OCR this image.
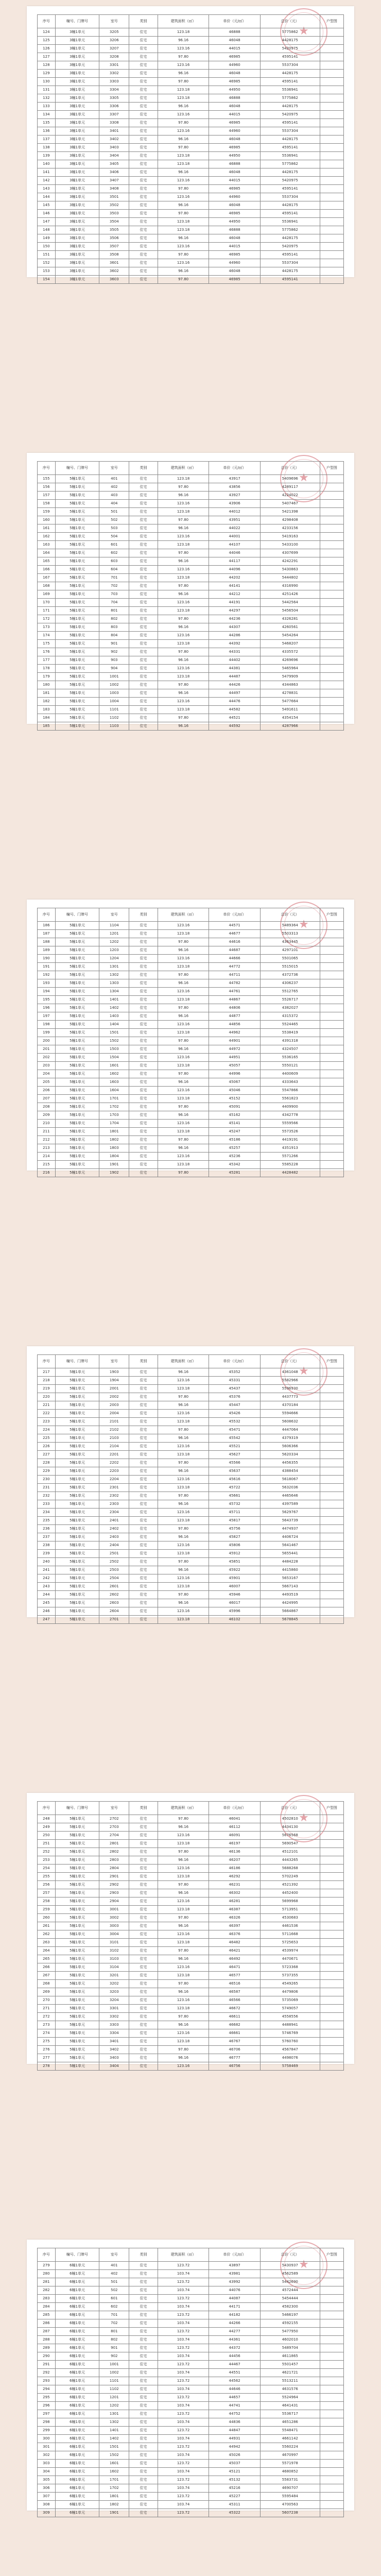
★
序号	幢号、门牌号	室号	类别	建筑面积（㎡）	单价（元/㎡）	总价（元）	户型图
124	3幢1单元	3205	住宅	123.18	46888	5775862	
125	3幢1单元	3206	住宅	96.16	46048	4428175	
126	3幢1单元	3207	住宅	123.16	44015	5420975	
127	3幢1单元	3208	住宅	97.80	46985	4595141	
128	3幢1单元	3301	住宅	123.16	44960	5537304	
129	3幢1单元	3302	住宅	96.16	46048	4428175	
130	3幢1单元	3303	住宅	97.80	46985	4595141	
131	3幢1单元	3304	住宅	123.18	44950	5536941	
132	3幢1单元	3305	住宅	123.18	46888	5775862	
133	3幢1单元	3306	住宅	96.16	46048	4428175	
134	3幢1单元	3307	住宅	123.16	44015	5420975	
135	3幢1单元	3308	住宅	97.80	46985	4595141	
136	3幢1单元	3401	住宅	123.16	44960	5537304	
137	3幢1单元	3402	住宅	96.16	46048	4428175	
138	3幢1单元	3403	住宅	97.80	46985	4595141	
139	3幢1单元	3404	住宅	123.18	44950	5536941	
140	3幢1单元	3405	住宅	123.18	46888	5775862	
141	3幢1单元	3406	住宅	96.16	46048	4428175	
142	3幢1单元	3407	住宅	123.16	44015	5420975	
143	3幢1单元	3408	住宅	97.80	46985	4595141	
144	3幢1单元	3501	住宅	123.16	44960	5537304	
145	3幢1单元	3502	住宅	96.16	46048	4428175	
146	3幢1单元	3503	住宅	97.80	46985	4595141	
147	3幢1单元	3504	住宅	123.18	44950	5536941	
148	3幢1单元	3505	住宅	123.18	46888	5775862	
149	3幢1单元	3506	住宅	96.16	46048	4428175	
150	3幢1单元	3507	住宅	123.16	44015	5420975	
151	3幢1单元	3508	住宅	97.80	46985	4595141	
152	3幢1单元	3601	住宅	123.16	44960	5537304	
153	3幢1单元	3602	住宅	96.16	46048	4428175	
154	3幢1单元	3603	住宅	97.80	46985	4595141	
★
序号	幢号、门牌号	室号	类别	建筑面积（㎡）	单价（元/㎡）	总价（元）	户型图
155	5幢1单元	401	住宅	123.18	43917	5409696	
156	5幢1单元	402	住宅	97.80	43856	4289117	
157	5幢1单元	403	住宅	96.16	43927	4224022	
158	5幢1单元	404	住宅	123.16	43906	5407467	
159	5幢1单元	501	住宅	123.18	44012	5421398	
160	5幢1单元	502	住宅	97.80	43951	4298408	
161	5幢1单元	503	住宅	96.16	44022	4233156	
162	5幢1单元	504	住宅	123.16	44001	5419163	
163	5幢1单元	601	住宅	123.18	44107	5433100	
164	5幢1单元	602	住宅	97.80	44046	4307699	
165	5幢1单元	603	住宅	96.16	44117	4242291	
166	5幢1单元	604	住宅	123.16	44096	5430863	
167	5幢1单元	701	住宅	123.18	44202	5444802	
168	5幢1单元	702	住宅	97.80	44141	4316990	
169	5幢1单元	703	住宅	96.16	44212	4251426	
170	5幢1单元	704	住宅	123.16	44191	5442564	
171	5幢1单元	801	住宅	123.18	44297	5456504	
172	5幢1单元	802	住宅	97.80	44236	4326281	
173	5幢1单元	803	住宅	96.16	44307	4260561	
174	5幢1单元	804	住宅	123.16	44286	5454264	
175	5幢1单元	901	住宅	123.18	44392	5468207	
176	5幢1单元	902	住宅	97.80	44331	4335572	
177	5幢1单元	903	住宅	96.16	44402	4269696	
178	5幢1单元	904	住宅	123.16	44381	5465964	
179	5幢1单元	1001	住宅	123.18	44487	5479909	
180	5幢1单元	1002	住宅	97.80	44426	4344863	
181	5幢1单元	1003	住宅	96.16	44497	4278831	
182	5幢1单元	1004	住宅	123.16	44476	5477664	
183	5幢1单元	1101	住宅	123.18	44582	5491611	
184	5幢1单元	1102	住宅	97.80	44521	4354154	
185	5幢1单元	1103	住宅	96.16	44592	4287966	
★
序号	幢号、门牌号	室号	类别	建筑面积（㎡）	单价（元/㎡）	总价（元）	户型图
186	5幢1单元	1104	住宅	123.16	44571	5489364	
187	5幢1单元	1201	住宅	123.18	44677	5503313	
188	5幢1单元	1202	住宅	97.80	44616	4363445	
189	5幢1单元	1203	住宅	96.16	44687	4297101	
190	5幢1单元	1204	住宅	123.16	44666	5501065	
191	5幢1单元	1301	住宅	123.18	44772	5515015	
192	5幢1单元	1302	住宅	97.80	44711	4372736	
193	5幢1单元	1303	住宅	96.16	44782	4306237	
194	5幢1单元	1304	住宅	123.16	44761	5512765	
195	5幢1单元	1401	住宅	123.18	44867	5526717	
196	5幢1单元	1402	住宅	97.80	44806	4382027	
197	5幢1单元	1403	住宅	96.16	44877	4315372	
198	5幢1单元	1404	住宅	123.16	44856	5524465	
199	5幢1单元	1501	住宅	123.18	44962	5538419	
200	5幢1单元	1502	住宅	97.80	44901	4391318	
201	5幢1单元	1503	住宅	96.16	44972	4324507	
202	5幢1单元	1504	住宅	123.16	44951	5536165	
203	5幢1单元	1601	住宅	123.18	45057	5550121	
204	5幢1单元	1602	住宅	97.80	44996	4400609	
205	5幢1单元	1603	住宅	96.16	45067	4333643	
206	5幢1单元	1604	住宅	123.16	45046	5547866	
207	5幢1单元	1701	住宅	123.18	45152	5561823	
208	5幢1单元	1702	住宅	97.80	45091	4409900	
209	5幢1单元	1703	住宅	96.16	45162	4342778	
210	5幢1单元	1704	住宅	123.16	45141	5559566	
211	5幢1单元	1801	住宅	123.18	45247	5573526	
212	5幢1单元	1802	住宅	97.80	45186	4419191	
213	5幢1单元	1803	住宅	96.16	45257	4351913	
214	5幢1单元	1804	住宅	123.16	45236	5571266	
215	5幢1单元	1901	住宅	123.18	45342	5585228	
216	5幢1单元	1902	住宅	97.80	45281	4428482	
★
序号	幢号、门牌号	室号	类别	建筑面积（㎡）	单价（元/㎡）	总价（元）	户型图
217	5幢1单元	1903	住宅	96.16	45352	4361048	
218	5幢1单元	1904	住宅	123.16	45331	5582966	
219	5幢1单元	2001	住宅	123.18	45437	5596930	
220	5幢1单元	2002	住宅	97.80	45376	4437773	
221	5幢1单元	2003	住宅	96.16	45447	4370184	
222	5幢1单元	2004	住宅	123.16	45426	5594666	
223	5幢1单元	2101	住宅	123.18	45532	5608632	
224	5幢1单元	2102	住宅	97.80	45471	4447064	
225	5幢1单元	2103	住宅	96.16	45542	4379319	
226	5幢1单元	2104	住宅	123.16	45521	5606366	
227	5幢1单元	2201	住宅	123.18	45627	5620334	
228	5幢1单元	2202	住宅	97.80	45566	4456355	
229	5幢1单元	2203	住宅	96.16	45637	4388454	
230	5幢1单元	2204	住宅	123.16	45616	5618067	
231	5幢1单元	2301	住宅	123.18	45722	5632036	
232	5幢1单元	2302	住宅	97.80	45661	4465646	
233	5幢1单元	2303	住宅	96.16	45732	4397589	
234	5幢1单元	2304	住宅	123.16	45711	5629767	
235	5幢1单元	2401	住宅	123.18	45817	5643739	
236	5幢1单元	2402	住宅	97.80	45756	4474937	
237	5幢1单元	2403	住宅	96.16	45827	4406724	
238	5幢1单元	2404	住宅	123.16	45806	5641467	
239	5幢1单元	2501	住宅	123.18	45912	5655441	
240	5幢1单元	2502	住宅	97.80	45851	4484228	
241	5幢1单元	2503	住宅	96.16	45922	4415860	
242	5幢1单元	2504	住宅	123.16	45901	5653167	
243	5幢1单元	2601	住宅	123.18	46007	5667143	
244	5幢1单元	2602	住宅	97.80	45946	4493519	
245	5幢1单元	2603	住宅	96.16	46017	4424995	
246	5幢1单元	2604	住宅	123.16	45996	5664867	
247	5幢1单元	2701	住宅	123.18	46102	5678845	
★
序号	幢号、门牌号	室号	类别	建筑面积（㎡）	单价（元/㎡）	总价（元）	户型图
248	5幢1单元	2702	住宅	97.80	46041	4502810	
249	5幢1单元	2703	住宅	96.16	46112	4434130	
250	5幢1单元	2704	住宅	123.16	46091	5676568	
251	5幢1单元	2801	住宅	123.18	46197	5690547	
252	5幢1单元	2802	住宅	97.80	46136	4512101	
253	5幢1单元	2803	住宅	96.16	46207	4443265	
254	5幢1单元	2804	住宅	123.16	46186	5688268	
255	5幢1单元	2901	住宅	123.18	46292	5702249	
256	5幢1单元	2902	住宅	97.80	46231	4521392	
257	5幢1单元	2903	住宅	96.16	46302	4452400	
258	5幢1单元	2904	住宅	123.16	46281	5699968	
259	5幢1单元	3001	住宅	123.18	46387	5713951	
260	5幢1单元	3002	住宅	97.80	46326	4530683	
261	5幢1单元	3003	住宅	96.16	46397	4461536	
262	5幢1单元	3004	住宅	123.16	46376	5711668	
263	5幢1单元	3101	住宅	123.18	46482	5725653	
264	5幢1单元	3102	住宅	97.80	46421	4539974	
265	5幢1单元	3103	住宅	96.16	46492	4470671	
266	5幢1单元	3104	住宅	123.16	46471	5723368	
267	5幢1单元	3201	住宅	123.18	46577	5737355	
268	5幢1单元	3202	住宅	97.80	46516	4549265	
269	5幢1单元	3203	住宅	96.16	46587	4479806	
270	5幢1单元	3204	住宅	123.16	46566	5735069	
271	5幢1单元	3301	住宅	123.18	46672	5749057	
272	5幢1单元	3302	住宅	97.80	46611	4558556	
273	5幢1单元	3303	住宅	96.16	46682	4488941	
274	5幢1单元	3304	住宅	123.16	46661	5746769	
275	5幢1单元	3401	住宅	123.18	46767	5760760	
276	5幢1单元	3402	住宅	97.80	46706	4567847	
277	5幢1单元	3403	住宅	96.16	46777	4498076	
278	5幢1单元	3404	住宅	123.16	46756	5758469	
★
序号	幢号、门牌号	室号	类别	建筑面积（㎡）	单价（元/㎡）	总价（元）	户型图
279	6幢1单元	401	住宅	123.72	43897	5430937	
280	6幢1单元	402	住宅	103.74	43981	4562589	
281	6幢1单元	501	住宅	123.72	43992	5442690	
282	6幢1单元	502	住宅	103.74	44076	4572444	
283	6幢1单元	601	住宅	123.72	44087	5454444	
284	6幢1单元	602	住宅	103.74	44171	4582300	
285	6幢1单元	701	住宅	123.72	44182	5466197	
286	6幢1单元	702	住宅	103.74	44266	4592155	
287	6幢1单元	801	住宅	123.72	44277	5477950	
288	6幢1单元	802	住宅	103.74	44361	4602010	
289	6幢1单元	901	住宅	123.72	44372	5489704	
290	6幢1单元	902	住宅	103.74	44456	4611865	
291	6幢1单元	1001	住宅	123.72	44467	5501457	
292	6幢1单元	1002	住宅	103.74	44551	4621721	
293	6幢1单元	1101	住宅	123.72	44562	5513211	
294	6幢1单元	1102	住宅	103.74	44646	4631576	
295	6幢1单元	1201	住宅	123.72	44657	5524964	
296	6幢1单元	1202	住宅	103.74	44741	4641431	
297	6幢1单元	1301	住宅	123.72	44752	5536717	
298	6幢1单元	1302	住宅	103.74	44836	4651286	
299	6幢1单元	1401	住宅	123.72	44847	5548471	
300	6幢1单元	1402	住宅	103.74	44931	4661142	
301	6幢1单元	1501	住宅	123.72	44942	5560224	
302	6幢1单元	1502	住宅	103.74	45026	4670997	
303	6幢1单元	1601	住宅	123.72	45037	5571978	
304	6幢1单元	1602	住宅	103.74	45121	4680852	
305	6幢1单元	1701	住宅	123.72	45132	5583731	
306	6幢1单元	1702	住宅	103.74	45216	4690707	
307	6幢1单元	1801	住宅	123.72	45227	5595484	
308	6幢1单元	1802	住宅	103.74	45311	4700563	
309	6幢1单元	1901	住宅	123.72	45322	5607238	
